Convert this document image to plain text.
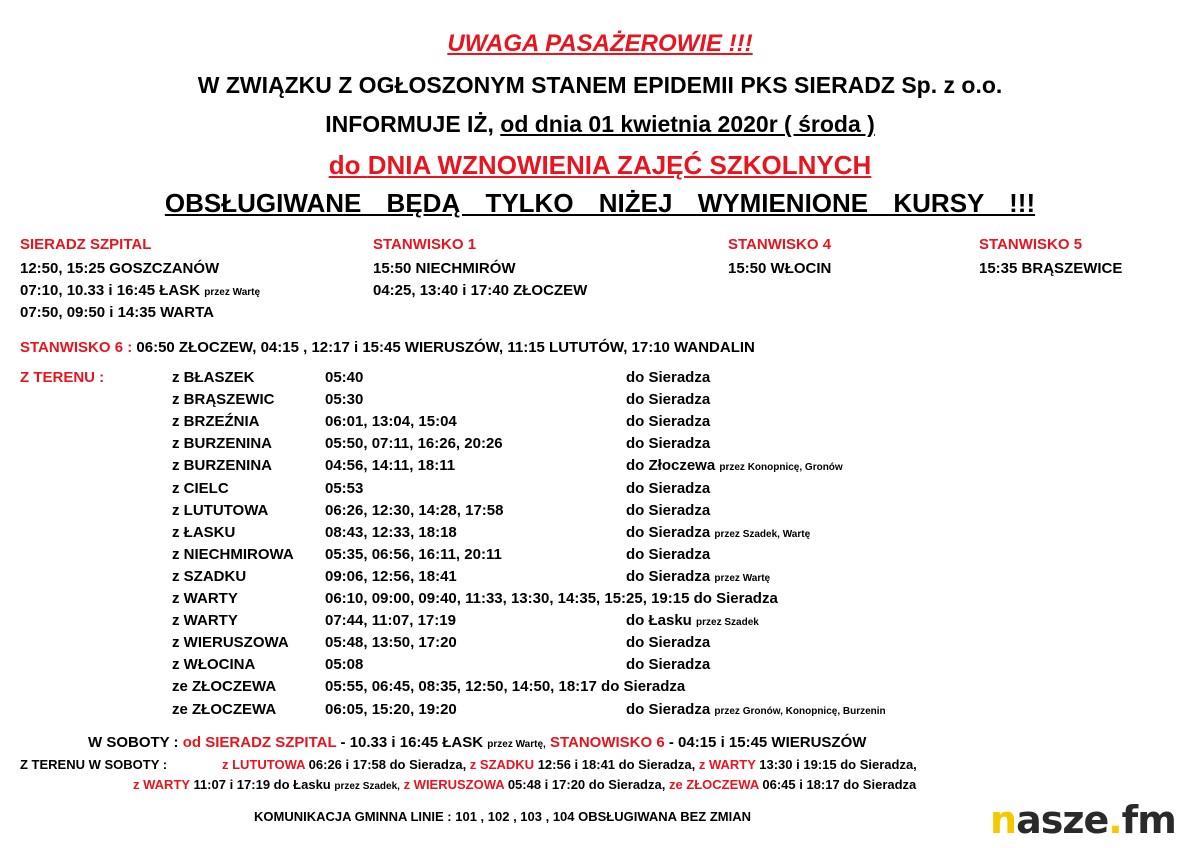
UWAGA PASAŻEROWIE !!!
W ZWIĄZKU Z OGŁOSZONYM STANEM EPIDEMII PKS SIERADZ Sp. z o.o.
INFORMUJE IŻ, od dnia 01 kwietnia 2020r ( środa )
do DNIA WZNOWIENIA ZAJĘĆ SZKOLNYCH
OBSŁUGIWANE BĘDĄ TYLKO NIŻEJ WYMIENIONE KURSY !!!
SIERADZ SZPITAL
12:50, 15:25 GOSZCZANÓW
07:10, 10.33 i 16:45 ŁASK przez Wartę
07:50, 09:50 i 14:35 WARTA
STANWISKO 1
15:50 NIECHMIRÓW
04:25, 13:40 i 17:40 ZŁOCZEW
STANWISKO 4
15:50 WŁOCIN
STANWISKO 5
15:35 BRĄSZEWICE
STANWISKO 6 : 06:50 ZŁOCZEW, 04:15 , 12:17 i 15:45 WIERUSZÓW, 11:15 LUTUTÓW, 17:10 WANDALIN
Z TERENU :	z BŁASZEK	05:40	do Sieradza
z BRĄSZEWIC	05:30	do Sieradza
z BRZEŹNIA	06:01, 13:04, 15:04	do Sieradza
z BURZENINA	05:50, 07:11, 16:26, 20:26	do Sieradza
z BURZENINA	04:56, 14:11, 18:11	do Złoczewa przez Konopnicę, Gronów
z CIELC	05:53	do Sieradza
z LUTUTOWA	06:26, 12:30, 14:28, 17:58	do Sieradza
z ŁASKU	08:43, 12:33, 18:18	do Sieradza przez Szadek, Wartę
z NIECHMIROWA 05:35, 06:56, 16:11, 20:11	do Sieradza
z SZADKU	09:06, 12:56, 18:41	do Sieradza przez Wartę
z WARTY	06:10, 09:00, 09:40, 11:33, 13:30, 14:35, 15:25, 19:15 do Sieradza
z WARTY	07:44, 11:07, 17:19	do Łasku przez Szadek
z WIERUSZOWA 05:48, 13:50, 17:20	do Sieradza
z WŁOCINA	05:08	do Sieradza
ze ZŁOCZEWA	05:55, 06:45, 08:35, 12:50, 14:50, 18:17 do Sieradza
ze ZŁOCZEWA	06:05, 15:20, 19:20	do Sieradza przez Gronów, Konopnicę, Burzenin
W SOBOTY : od SIERADZ SZPITAL - 10.33 i 16:45 ŁASK przez Wartę, STANOWISKO 6 - 04:15 i 15:45 WIERUSZÓW
Z TERENU W SOBOTY :	z LUTUTOWA 06:26 i 17:58 do Sieradza, z SZADKU 12:56 i 18:41 do Sieradza, z WARTY 13:30 i 19:15 do Sieradza,
z WARTY 11:07 i 17:19 do Łasku przez Szadek, z WIERUSZOWA 05:48 i 17:20 do Sieradza, ze ZŁOCZEWA 06:45 i 18:17 do Sieradza
KOMUNIKACJA GMINNA LINIE : 101 , 102 , 103 , 104 OBSŁUGIWANA BEZ ZMIAN	nasze.fm
